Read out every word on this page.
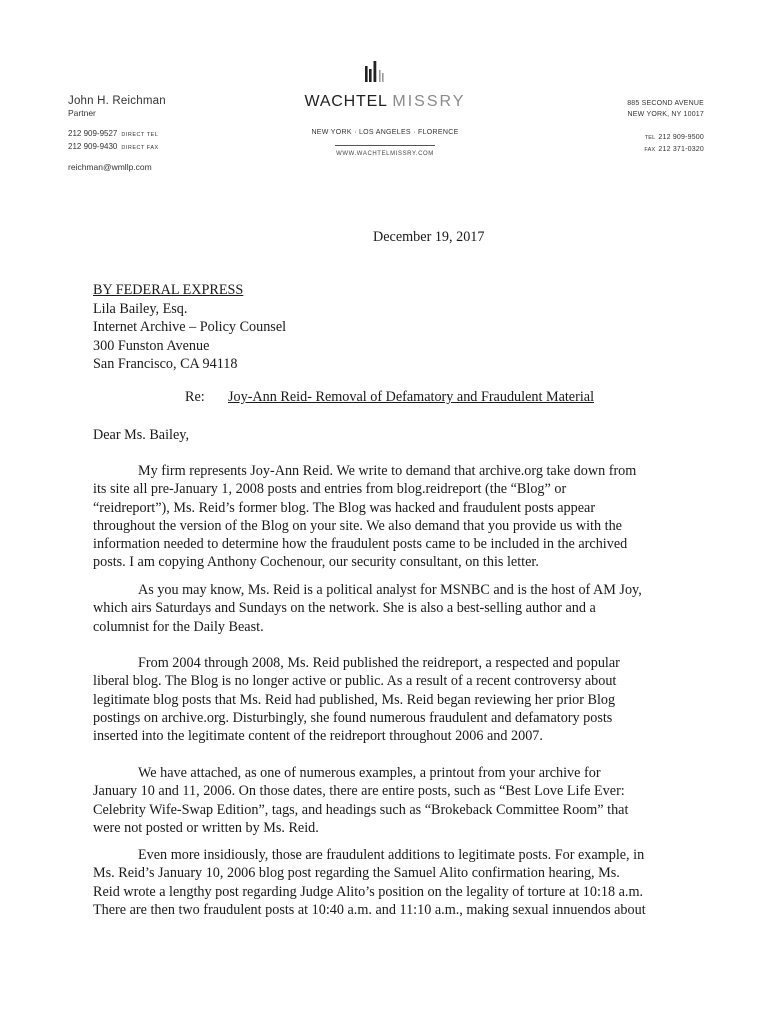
John H. Reichman
Partner
212 909-9527 DIRECT TEL
212 909-9430 DIRECT FAX
reichman@wmllp.com
WACHTEL MISSRY
NEW YORK · LOS ANGELES · FLORENCE
WWW.WACHTELMISSRY.COM
885 SECOND AVENUE
NEW YORK, NY 10017
TEL 212 909-9500
FAX 212 371-0320
December 19, 2017
BY FEDERAL EXPRESS
Lila Bailey, Esq.
Internet Archive – Policy Counsel
300 Funston Avenue
San Francisco, CA 94118
Re: Joy-Ann Reid- Removal of Defamatory and Fraudulent Material
Dear Ms. Bailey,

My firm represents Joy-Ann Reid. We write to demand that archive.org take down from

its site all pre-January 1, 2008 posts and entries from blog.reidreport (the “Blog” or

“reidreport”), Ms. Reid’s former blog. The Blog was hacked and fraudulent posts appear

throughout the version of the Blog on your site. We also demand that you provide us with the

information needed to determine how the fraudulent posts came to be included in the archived

posts. I am copying Anthony Cochenour, our security consultant, on this letter.

As you may know, Ms. Reid is a political analyst for MSNBC and is the host of AM Joy,

which airs Saturdays and Sundays on the network. She is also a best-selling author and a

columnist for the Daily Beast.

From 2004 through 2008, Ms. Reid published the reidreport, a respected and popular

liberal blog. The Blog is no longer active or public. As a result of a recent controversy about

legitimate blog posts that Ms. Reid had published, Ms. Reid began reviewing her prior Blog

postings on archive.org. Disturbingly, she found numerous fraudulent and defamatory posts

inserted into the legitimate content of the reidreport throughout 2006 and 2007.

We have attached, as one of numerous examples, a printout from your archive for

January 10 and 11, 2006. On those dates, there are entire posts, such as “Best Love Life Ever:

Celebrity Wife-Swap Edition”, tags, and headings such as “Brokeback Committee Room” that

were not posted or written by Ms. Reid.

Even more insidiously, those are fraudulent additions to legitimate posts. For example, in

Ms. Reid’s January 10, 2006 blog post regarding the Samuel Alito confirmation hearing, Ms.

Reid wrote a lengthy post regarding Judge Alito’s position on the legality of torture at 10:18 a.m.

There are then two fraudulent posts at 10:40 a.m. and 11:10 a.m., making sexual innuendos about
